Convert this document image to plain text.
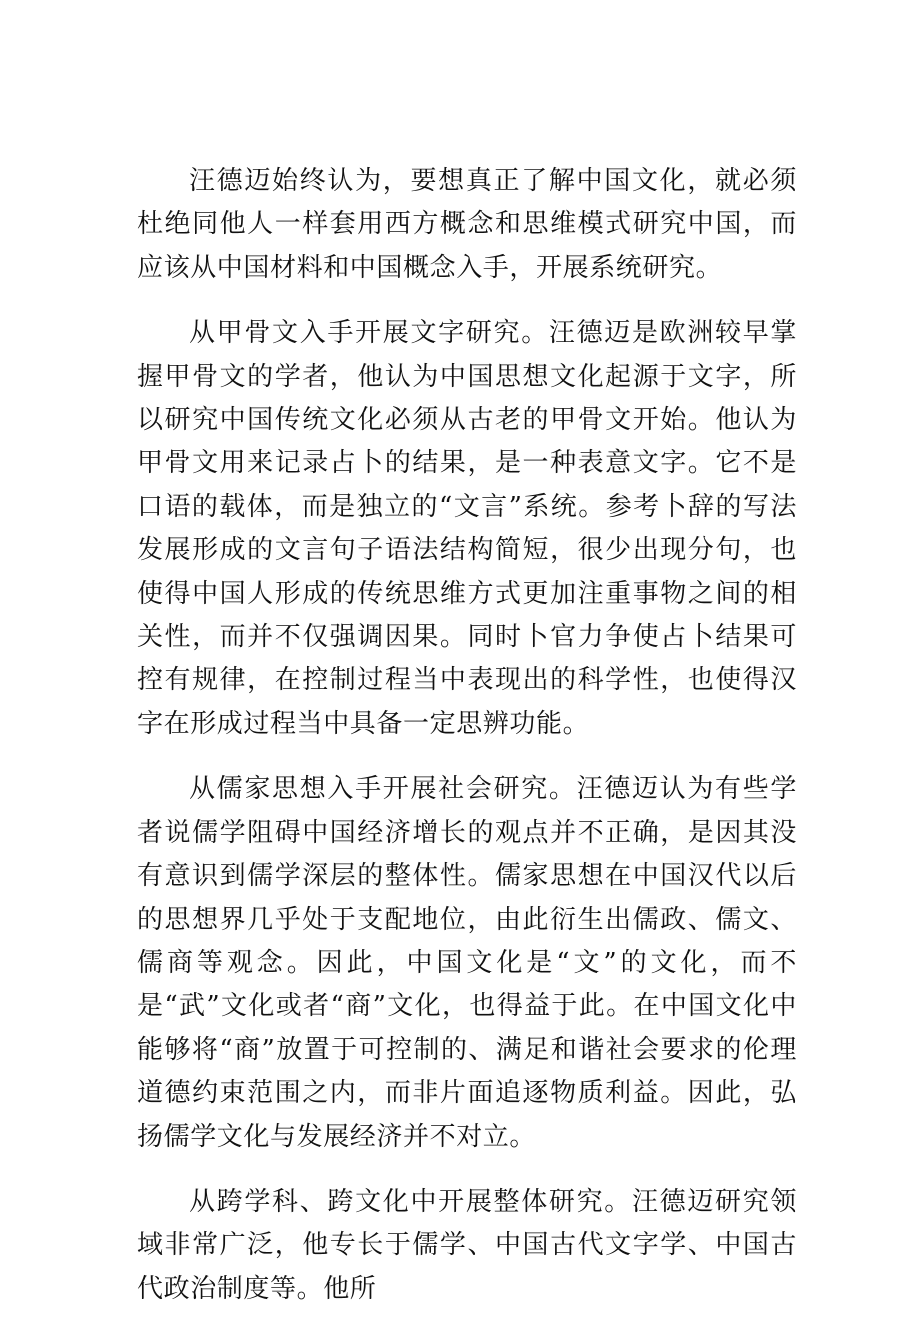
汪德迈始终认为，要想真正了解中国文化，就必须杜绝同他人一样套用西方概念和思维模式研究中国，而应该从中国材料和中国概念入手，开展系统研究。

从甲骨文入手开展文字研究。汪德迈是欧洲较早掌握甲骨文的学者，他认为中国思想文化起源于文字，所以研究中国传统文化必须从古老的甲骨文开始。他认为甲骨文用来记录占卜的结果，是一种表意文字。它不是口语的载体，而是独立的“文言”系统。参考卜辞的写法发展形成的文言句子语法结构简短，很少出现分句，也使得中国人形成的传统思维方式更加注重事物之间的相关性，而并不仅强调因果。同时卜官力争使占卜结果可控有规律，在控制过程当中表现出的科学性，也使得汉字在形成过程当中具备一定思辨功能。

从儒家思想入手开展社会研究。汪德迈认为有些学者说儒学阻碍中国经济增长的观点并不正确，是因其没有意识到儒学深层的整体性。儒家思想在中国汉代以后的思想界几乎处于支配地位，由此衍生出儒政、儒文、儒商等观念。因此，中国文化是“文”的文化，而不是“武”文化或者“商”文化，也得益于此。在中国文化中能够将“商”放置于可控制的、满足和谐社会要求的伦理道德约束范围之内，而非片面追逐物质利益。因此，弘扬儒学文化与发展经济并不对立。

从跨学科、跨文化中开展整体研究。汪德迈研究领域非常广泛，他专长于儒学、中国古代文字学、中国古代政治制度等。他所
